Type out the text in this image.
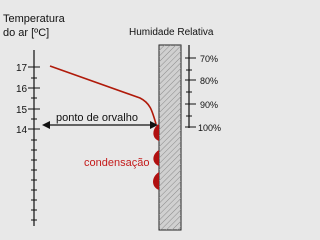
Temperatura
do ar [ºC]	Humidade Relativa
17
16
15
14
70%
80%
90%
100%
ponto de orvalho
condensação
